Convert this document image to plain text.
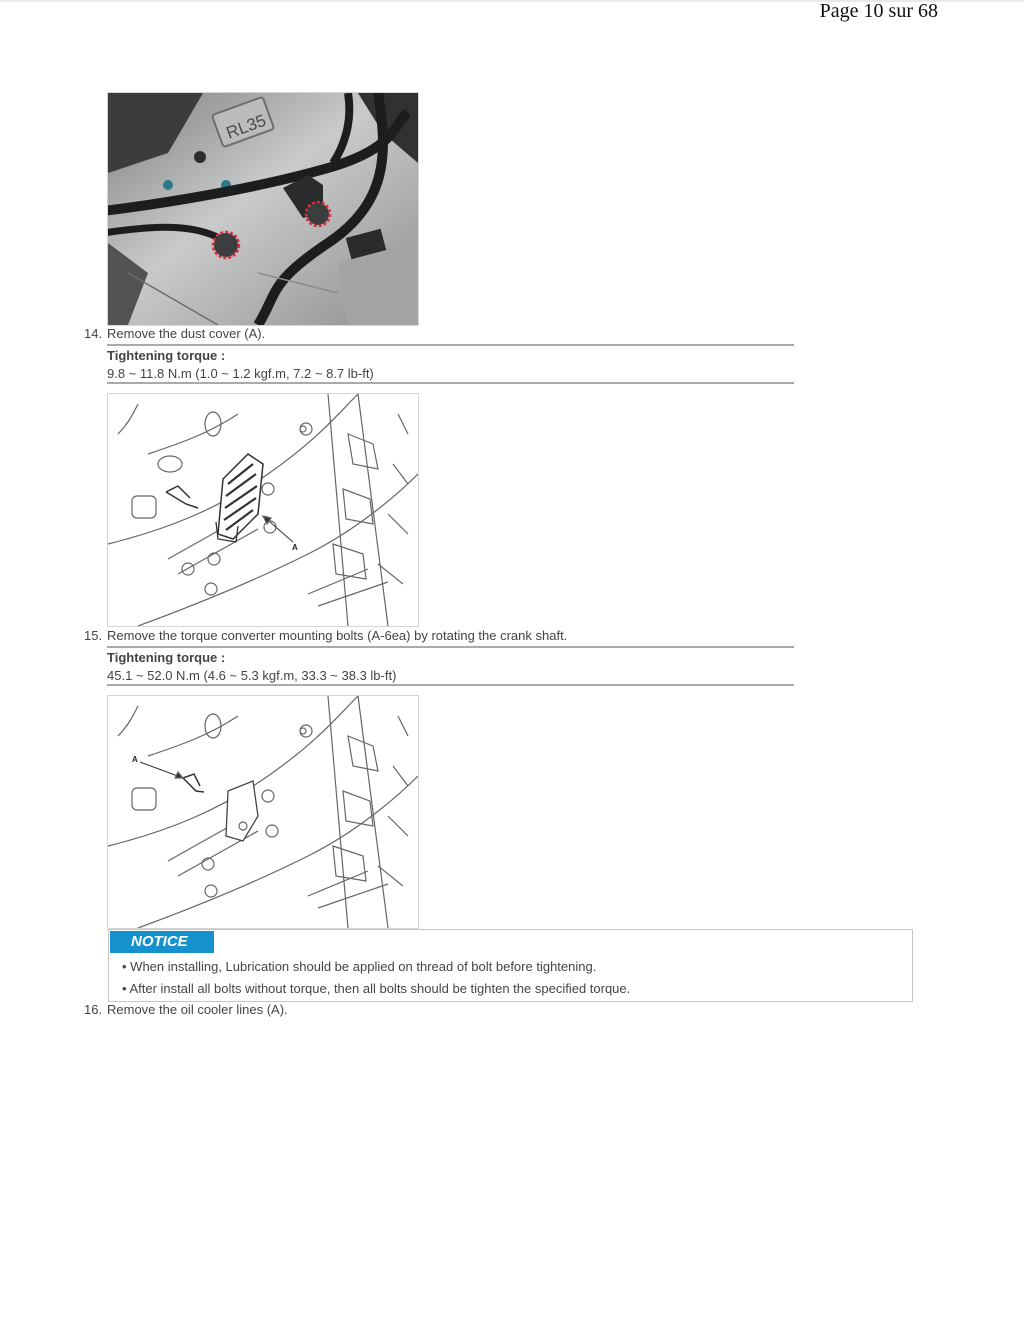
Page 10 sur 68
RL35
14. Remove the dust cover (A).
Tightening torque :
9.8 ~ 11.8 N.m (1.0 ~ 1.2 kgf.m, 7.2 ~ 8.7 lb-ft)
A
15. Remove the torque converter mounting bolts (A-6ea) by rotating the crank shaft.
Tightening torque :
45.1 ~ 52.0 N.m (4.6 ~ 5.3 kgf.m, 33.3 ~ 38.3 lb-ft)
A
NOTICE
• When installing, Lubrication should be applied on thread of bolt before tightening.
• After install all bolts without torque, then all bolts should be tighten the specified torque.
16. Remove the oil cooler lines (A).
